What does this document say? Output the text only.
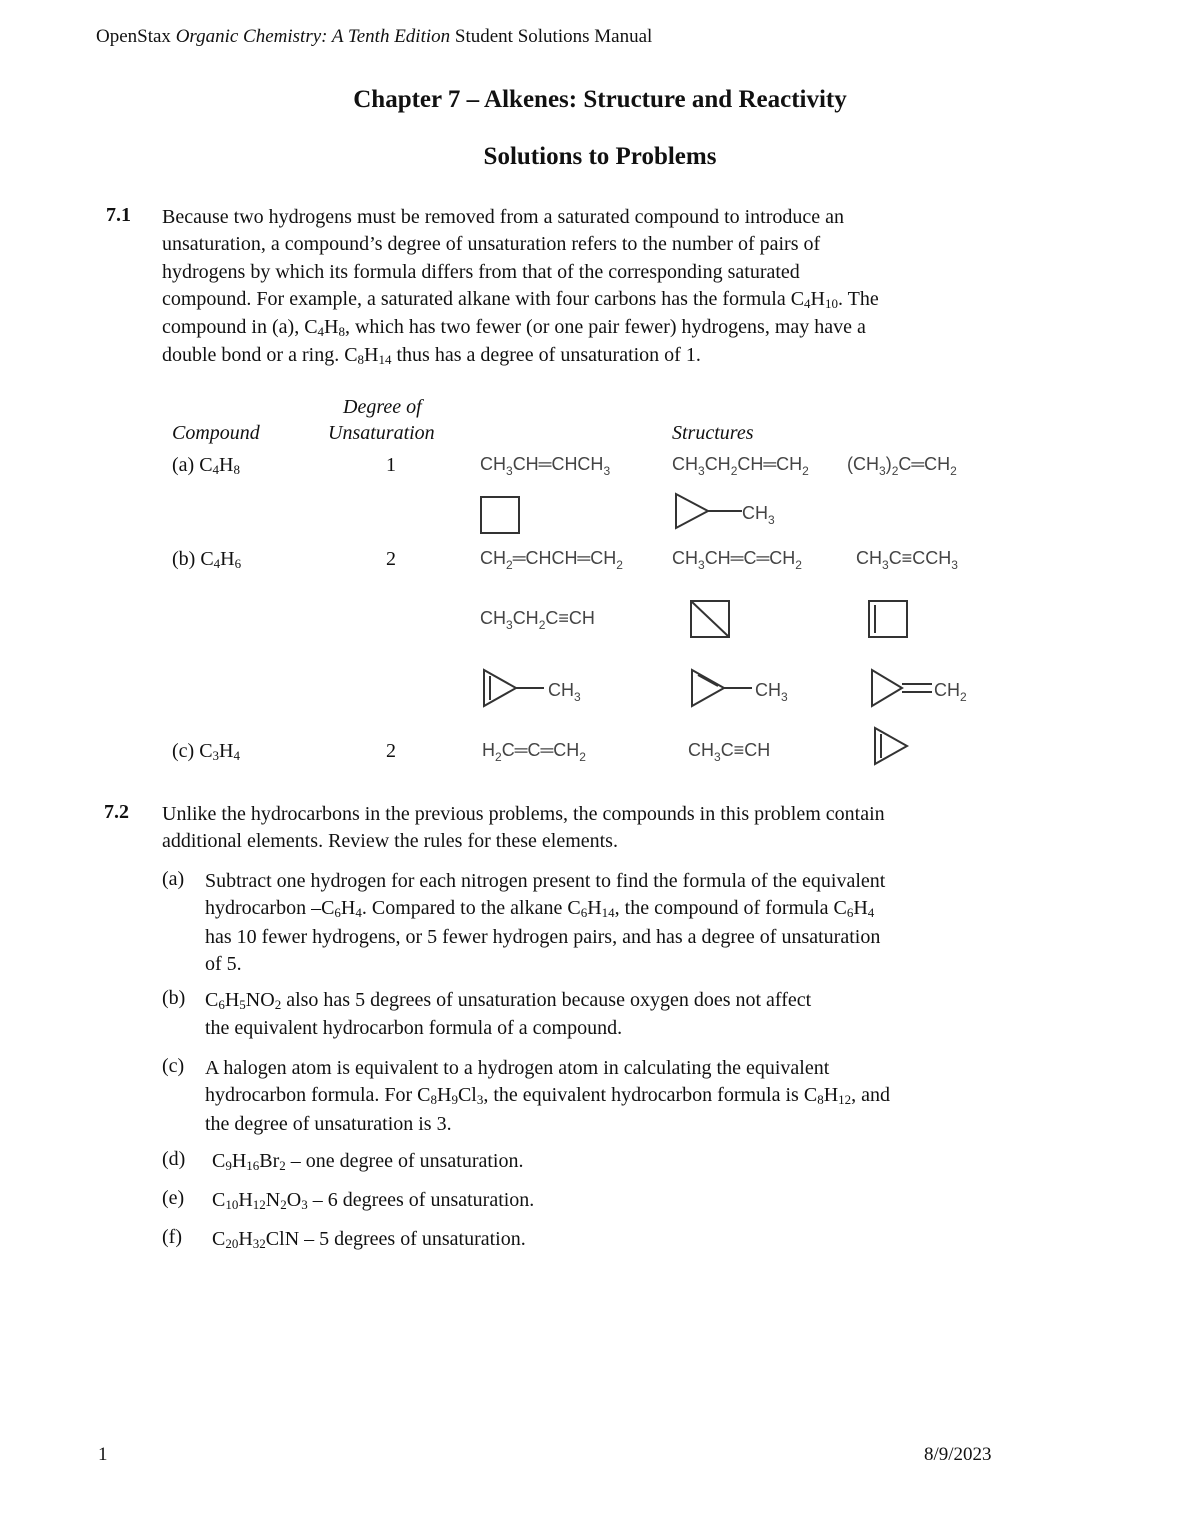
OpenStax Organic Chemistry: A Tenth Edition Student Solutions Manual
Chapter 7 – Alkenes: Structure and Reactivity
Solutions to Problems
7.1 Because two hydrogens must be removed from a saturated compound to introduce an
unsaturation, a compound’s degree of unsaturation refers to the number of pairs of
hydrogens by which its formula differs from that of the corresponding saturated
compound. For example, a saturated alkane with four carbons has the formula C4H10. The
compound in (a), C4H8, which has two fewer (or one pair fewer) hydrogens, may have a
double bond or a ring. C8H14 thus has a degree of unsaturation of 1.
Degree of
Compound	Unsaturation	Structures
(a) C4H8	1	$CH_3CH═CHCH_3$	$CH_3CH_2CH═CH_2$ $(CH_3)_2C═CH_2$
$CH_3$
(b) C4H6	2	$CH_2═CHCH═CH_2$	$CH_3CH═C═CH_2$	$CH_3C\equiv CCH_3$
$CH_3CH_2C\equiv CH$
$CH_3$	$CH_3$	$CH_2$
(c) C3H4	2	$H_2C═C═CH_2$	$CH_3C\equiv CH$
7.2 Unlike the hydrocarbons in the previous problems, the compounds in this problem contain
additional elements. Review the rules for these elements.
(a) Subtract one hydrogen for each nitrogen present to find the formula of the equivalent
hydrocarbon –C6H4. Compared to the alkane C6H14, the compound of formula C6H4
has 10 fewer hydrogens, or 5 fewer hydrogen pairs, and has a degree of unsaturation
of 5.
(b) C6H5NO2 also has 5 degrees of unsaturation because oxygen does not affect
the equivalent hydrocarbon formula of a compound.
(c) A halogen atom is equivalent to a hydrogen atom in calculating the equivalent
hydrocarbon formula. For C8H9Cl3, the equivalent hydrocarbon formula is C8H12, and
the degree of unsaturation is 3.
(d) C9H16Br2 – one degree of unsaturation.
(e) C10H12N2O3 – 6 degrees of unsaturation.
(f) C20H32ClN – 5 degrees of unsaturation.
1	8/9/2023
